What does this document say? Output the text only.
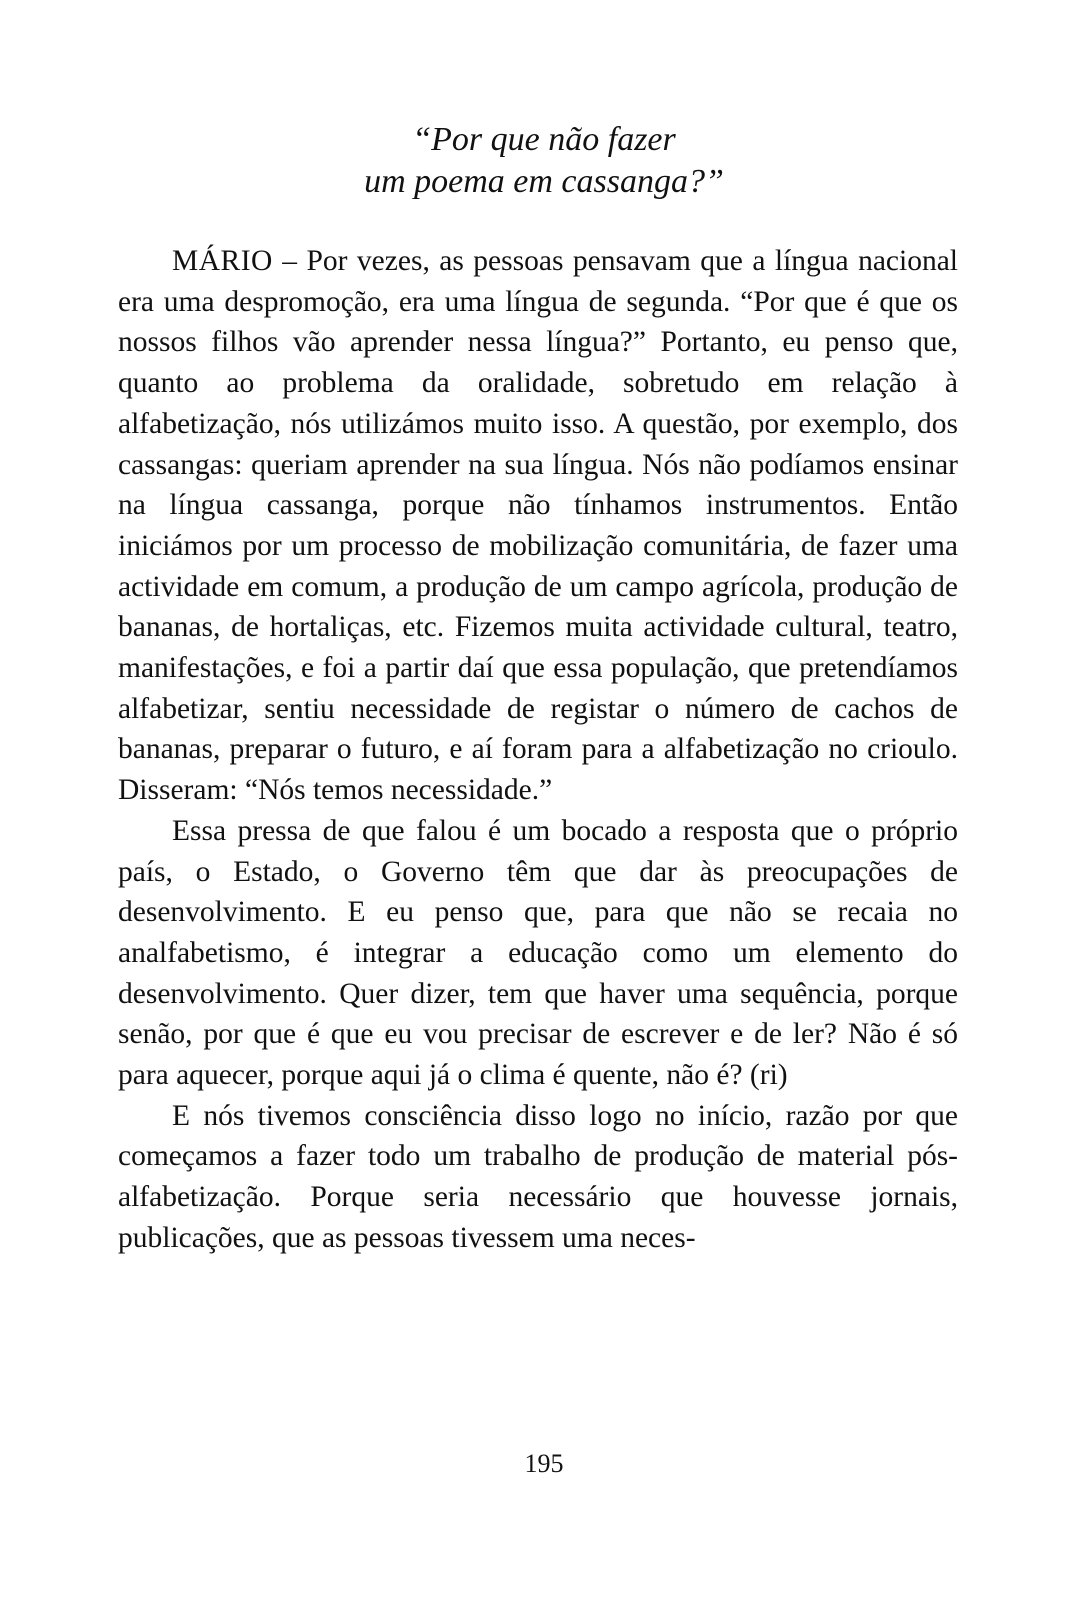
“Por que não fazer
um poema em cassanga?”

MÁRIO – Por vezes, as pessoas pensavam que a língua nacional era uma despromoção, era uma língua de segunda. “Por que é que os nossos filhos vão aprender nessa língua?” Portanto, eu penso que, quanto ao problema da oralidade, sobretudo em relação à alfabetização, nós utilizámos muito isso. A questão, por exemplo, dos cassangas: queriam aprender na sua língua. Nós não podíamos ensinar na língua cassanga, porque não tínhamos instrumentos. Então iniciámos por um processo de mobilização comunitária, de fazer uma actividade em comum, a produção de um campo agrícola, produção de bananas, de hortaliças, etc. Fizemos muita actividade cultural, teatro, manifestações, e foi a partir daí que essa população, que pretendíamos alfabetizar, sentiu necessidade de registar o número de cachos de bananas, preparar o futuro, e aí foram para a alfabetização no crioulo. Disseram: “Nós temos necessidade.”

Essa pressa de que falou é um bocado a resposta que o próprio país, o Estado, o Governo têm que dar às preocupações de desenvolvimento. E eu penso que, para que não se recaia no analfabetismo, é integrar a educação como um elemento do desenvolvimento. Quer dizer, tem que haver uma sequência, porque senão, por que é que eu vou precisar de escrever e de ler? Não é só para aquecer, porque aqui já o clima é quente, não é? (ri)

E nós tivemos consciência disso logo no início, razão por que começamos a fazer todo um trabalho de produção de material pós-alfabetização. Porque seria necessário que houvesse jornais, publicações, que as pessoas tivessem uma neces-

195
